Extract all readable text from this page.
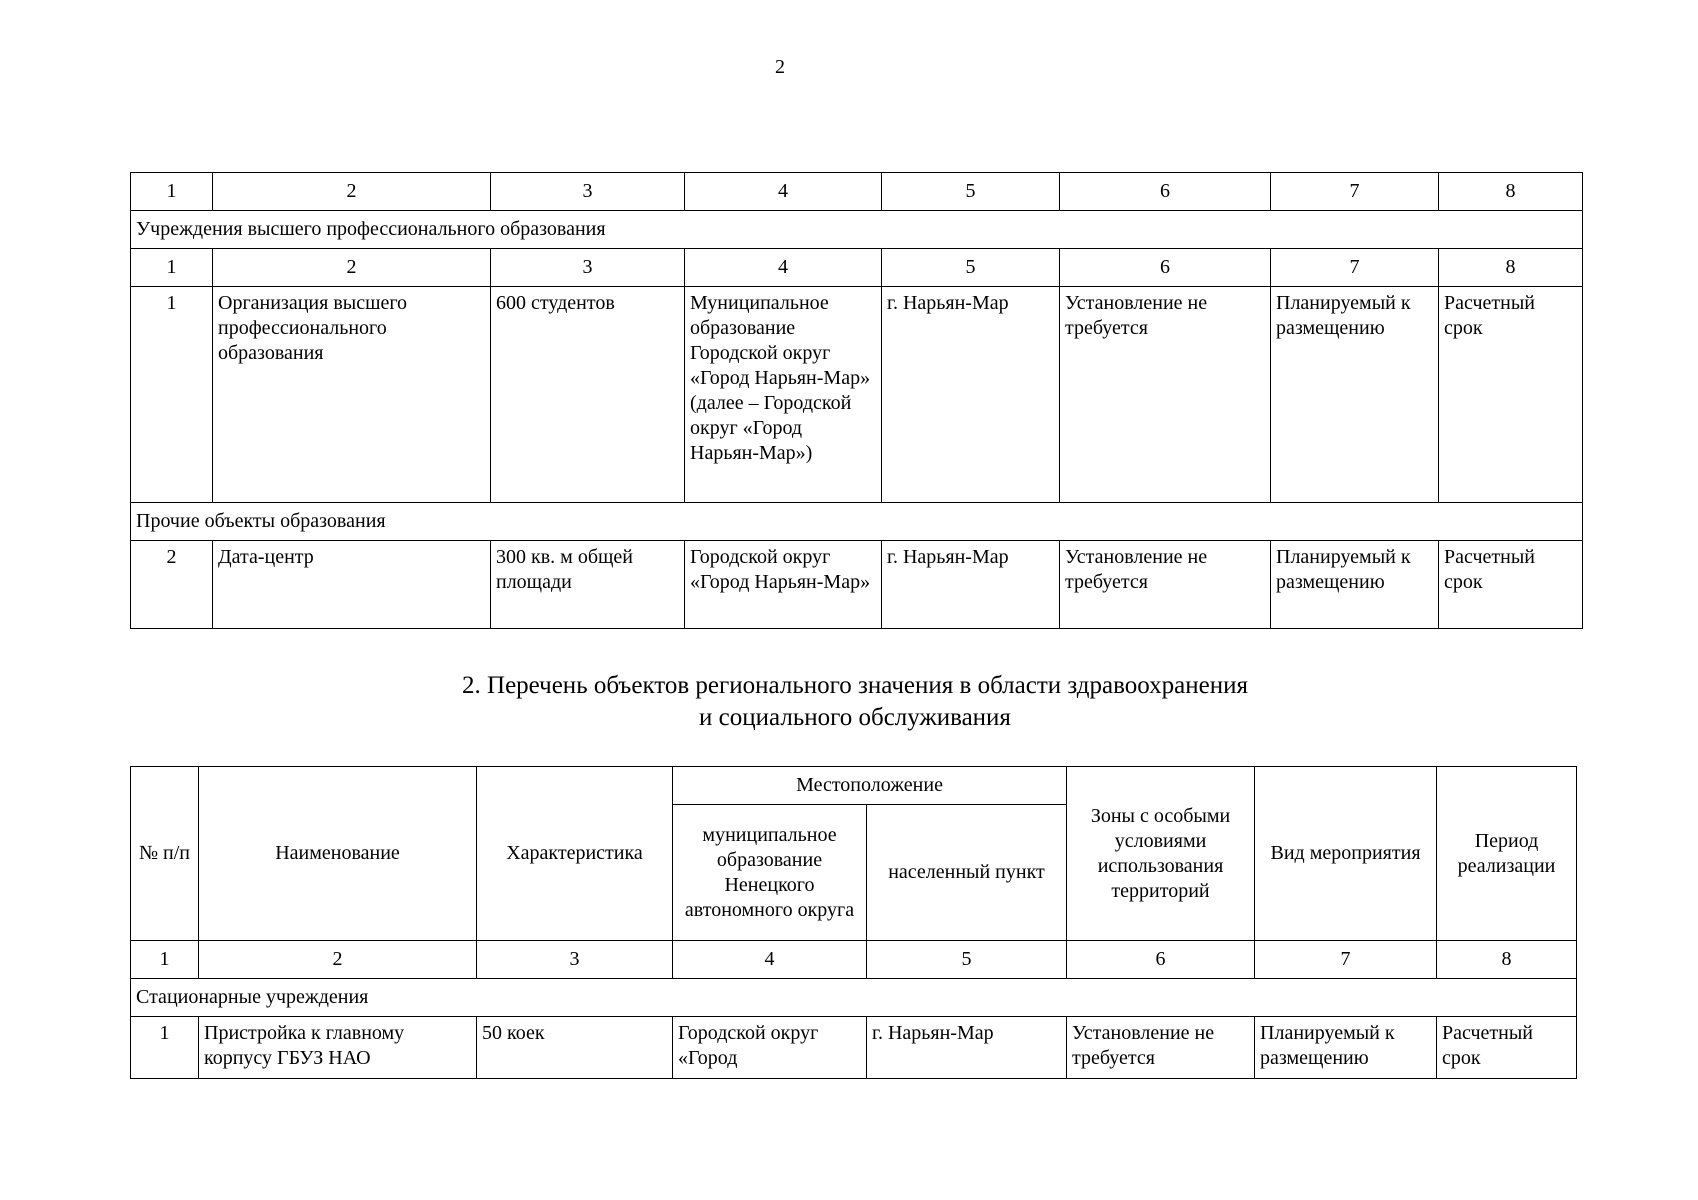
2
1	2	3	4	5	6	7	8
Учреждения высшего профессионального образования							
1	2	3	4	5	6	7	8
1	Организация высшего профессионального образования	600 студентов	Муниципальное образование Городской округ «Город Нарьян-Мар» (далее – Городской округ «Город Нарьян-Мар»)	г. Нарьян-Мар	Установление не требуется	Планируемый к размещению	Расчетный срок
Прочие объекты образования							
2	Дата-центр	300 кв. м общей площади	Городской округ «Город Нарьян-Мар»	г. Нарьян-Мар	Установление не требуется	Планируемый к размещению	Расчетный срок
2. Перечень объектов регионального значения в области здравоохранения
и социального обслуживания
№ п/п	Наименование	Характеристика	Местоположение		Зоны с особыми условиями использования территорий	Вид мероприятия	Период реализации
			муниципальное образование Ненецкого автономного округа	населенный пункт			
1	2	3	4	5	6	7	8
Стационарные учреждения							
1	Пристройка к главному корпусу ГБУЗ НАО	50 коек	Городской округ «Город	г. Нарьян-Мар	Установление не требуется	Планируемый к размещению	Расчетный срок
